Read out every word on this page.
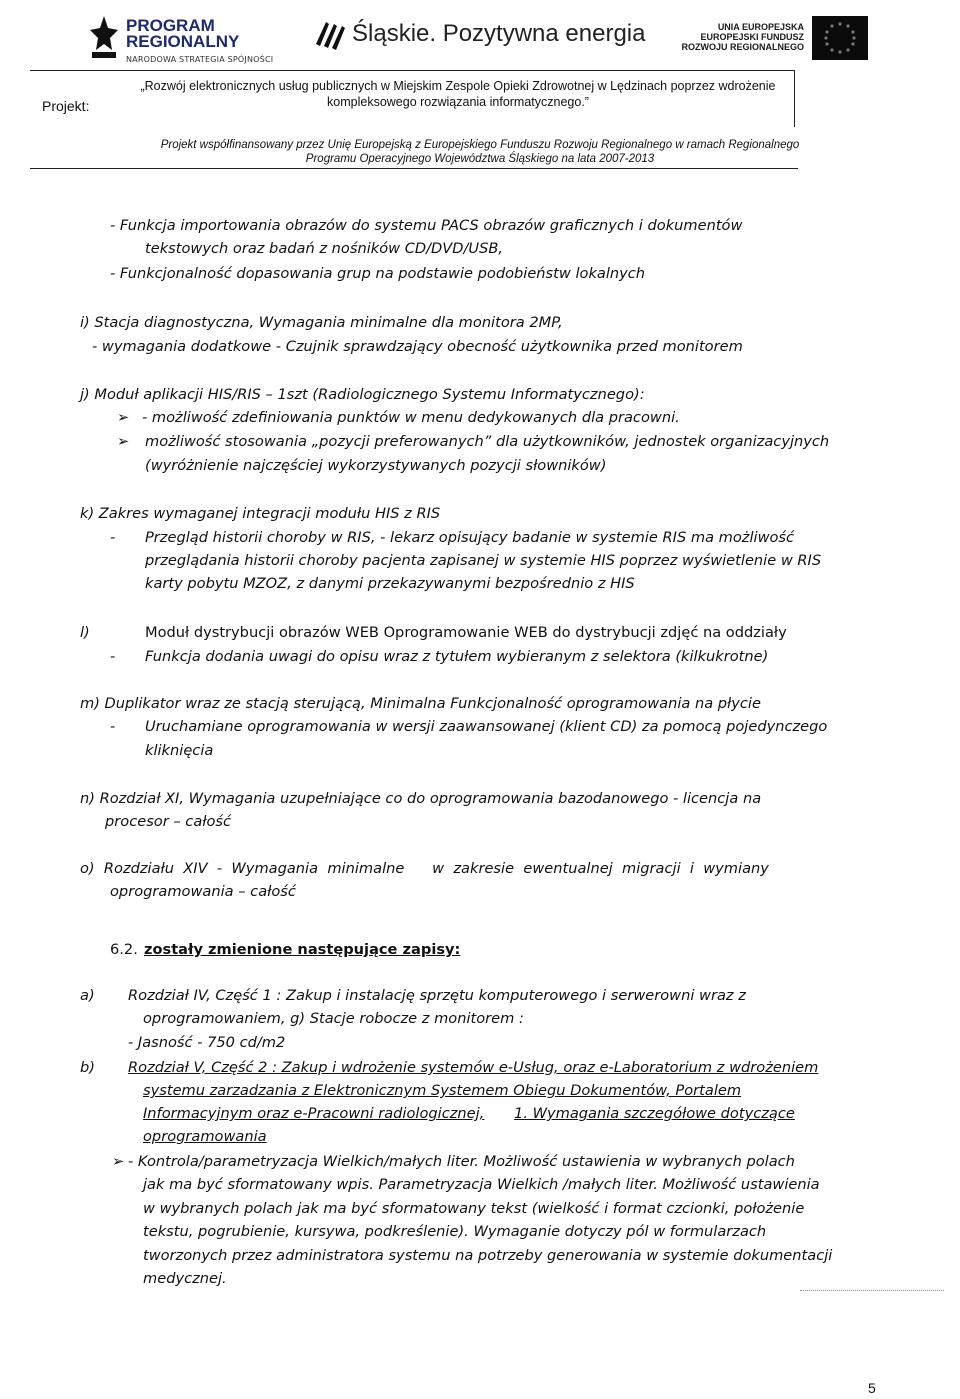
PROGRAM
REGIONALNY
NARODOWA STRATEGIA SPÓJNOŚCI
Śląskie. Pozytywna energia	UNIA EUROPEJSKA
EUROPEJSKI FUNDUSZ
ROZWOJU REGIONALNEGO
Projekt:
„Rozwój elektronicznych usług publicznych w Miejskim Zespole Opieki Zdrowotnej w Lędzinach poprzez wdrożenie
kompleksowego rozwiązania informatycznego.”
Projekt współfinansowany przez Unię Europejską z Europejskiego Funduszu Rozwoju Regionalnego w ramach Regionalnego
Programu Operacyjnego Województwa Śląskiego na lata 2007-2013
- Funkcja importowania obrazów do systemu PACS obrazów graficznych i dokumentów
tekstowych oraz badań z nośników CD/DVD/USB,
- Funkcjonalność dopasowania grup na podstawie podobieństw lokalnych
i) Stacja diagnostyczna, Wymagania minimalne dla monitora 2MP,
- wymagania dodatkowe - Czujnik sprawdzający obecność użytkownika przed monitorem
j) Moduł aplikacji HIS/RIS – 1szt (Radiologicznego Systemu Informatycznego):
➢ - możliwość zdefiniowania punktów w menu dedykowanych dla pracowni.
➢ możliwość stosowania „pozycji preferowanych” dla użytkowników, jednostek organizacyjnych
(wyróżnienie najczęściej wykorzystywanych pozycji słowników)
k) Zakres wymaganej integracji modułu HIS z RIS
- Przegląd historii choroby w RIS, - lekarz opisujący badanie w systemie RIS ma możliwość
przeglądania historii choroby pacjenta zapisanej w systemie HIS poprzez wyświetlenie w RIS
karty pobytu MZOZ, z danymi przekazywanymi bezpośrednio z HIS
l)	Moduł dystrybucji obrazów WEB Oprogramowanie WEB do dystrybucji zdjęć na oddziały
- Funkcja dodania uwagi do opisu wraz z tytułem wybieranym z selektora (kilkukrotne)
m) Duplikator wraz ze stacją sterującą, Minimalna Funkcjonalność oprogramowania na płycie
- Uruchamiane oprogramowania w wersji zaawansowanej (klient CD) za pomocą pojedynczego
kliknięcia
n) Rozdział XI, Wymagania uzupełniające co do oprogramowania bazodanowego - licencja na
procesor – całość
o)  Rozdziału  XIV  -  Wymagania  minimalne      w  zakresie  ewentualnej  migracji  i  wymiany
oprogramowania – całość
6.2. zostały zmienione następujące zapisy:
a) Rozdział IV, Część 1 : Zakup i instalację sprzętu komputerowego i serwerowni wraz z
oprogramowaniem, g) Stacje robocze z monitorem :
- Jasność - 750 cd/m2
b) Rozdział V, Część 2 : Zakup i wdrożenie systemów e-Usług, oraz e-Laboratorium z wdrożeniem
systemu zarzadzania z Elektronicznym Systemem Obiegu Dokumentów, Portalem
Informacyjnym oraz e-Pracowni radiologicznej, 1. Wymagania szczegółowe dotyczące
oprogramowania
➢ - Kontrola/parametryzacja Wielkich/małych liter. Możliwość ustawienia w wybranych polach
jak ma być sformatowany wpis. Parametryzacja Wielkich /małych liter. Możliwość ustawienia
w wybranych polach jak ma być sformatowany tekst (wielkość i format czcionki, położenie
tekstu, pogrubienie, kursywa, podkreślenie). Wymaganie dotyczy pól w formularzach
tworzonych przez administratora systemu na potrzeby generowania w systemie dokumentacji
medycznej.
5
